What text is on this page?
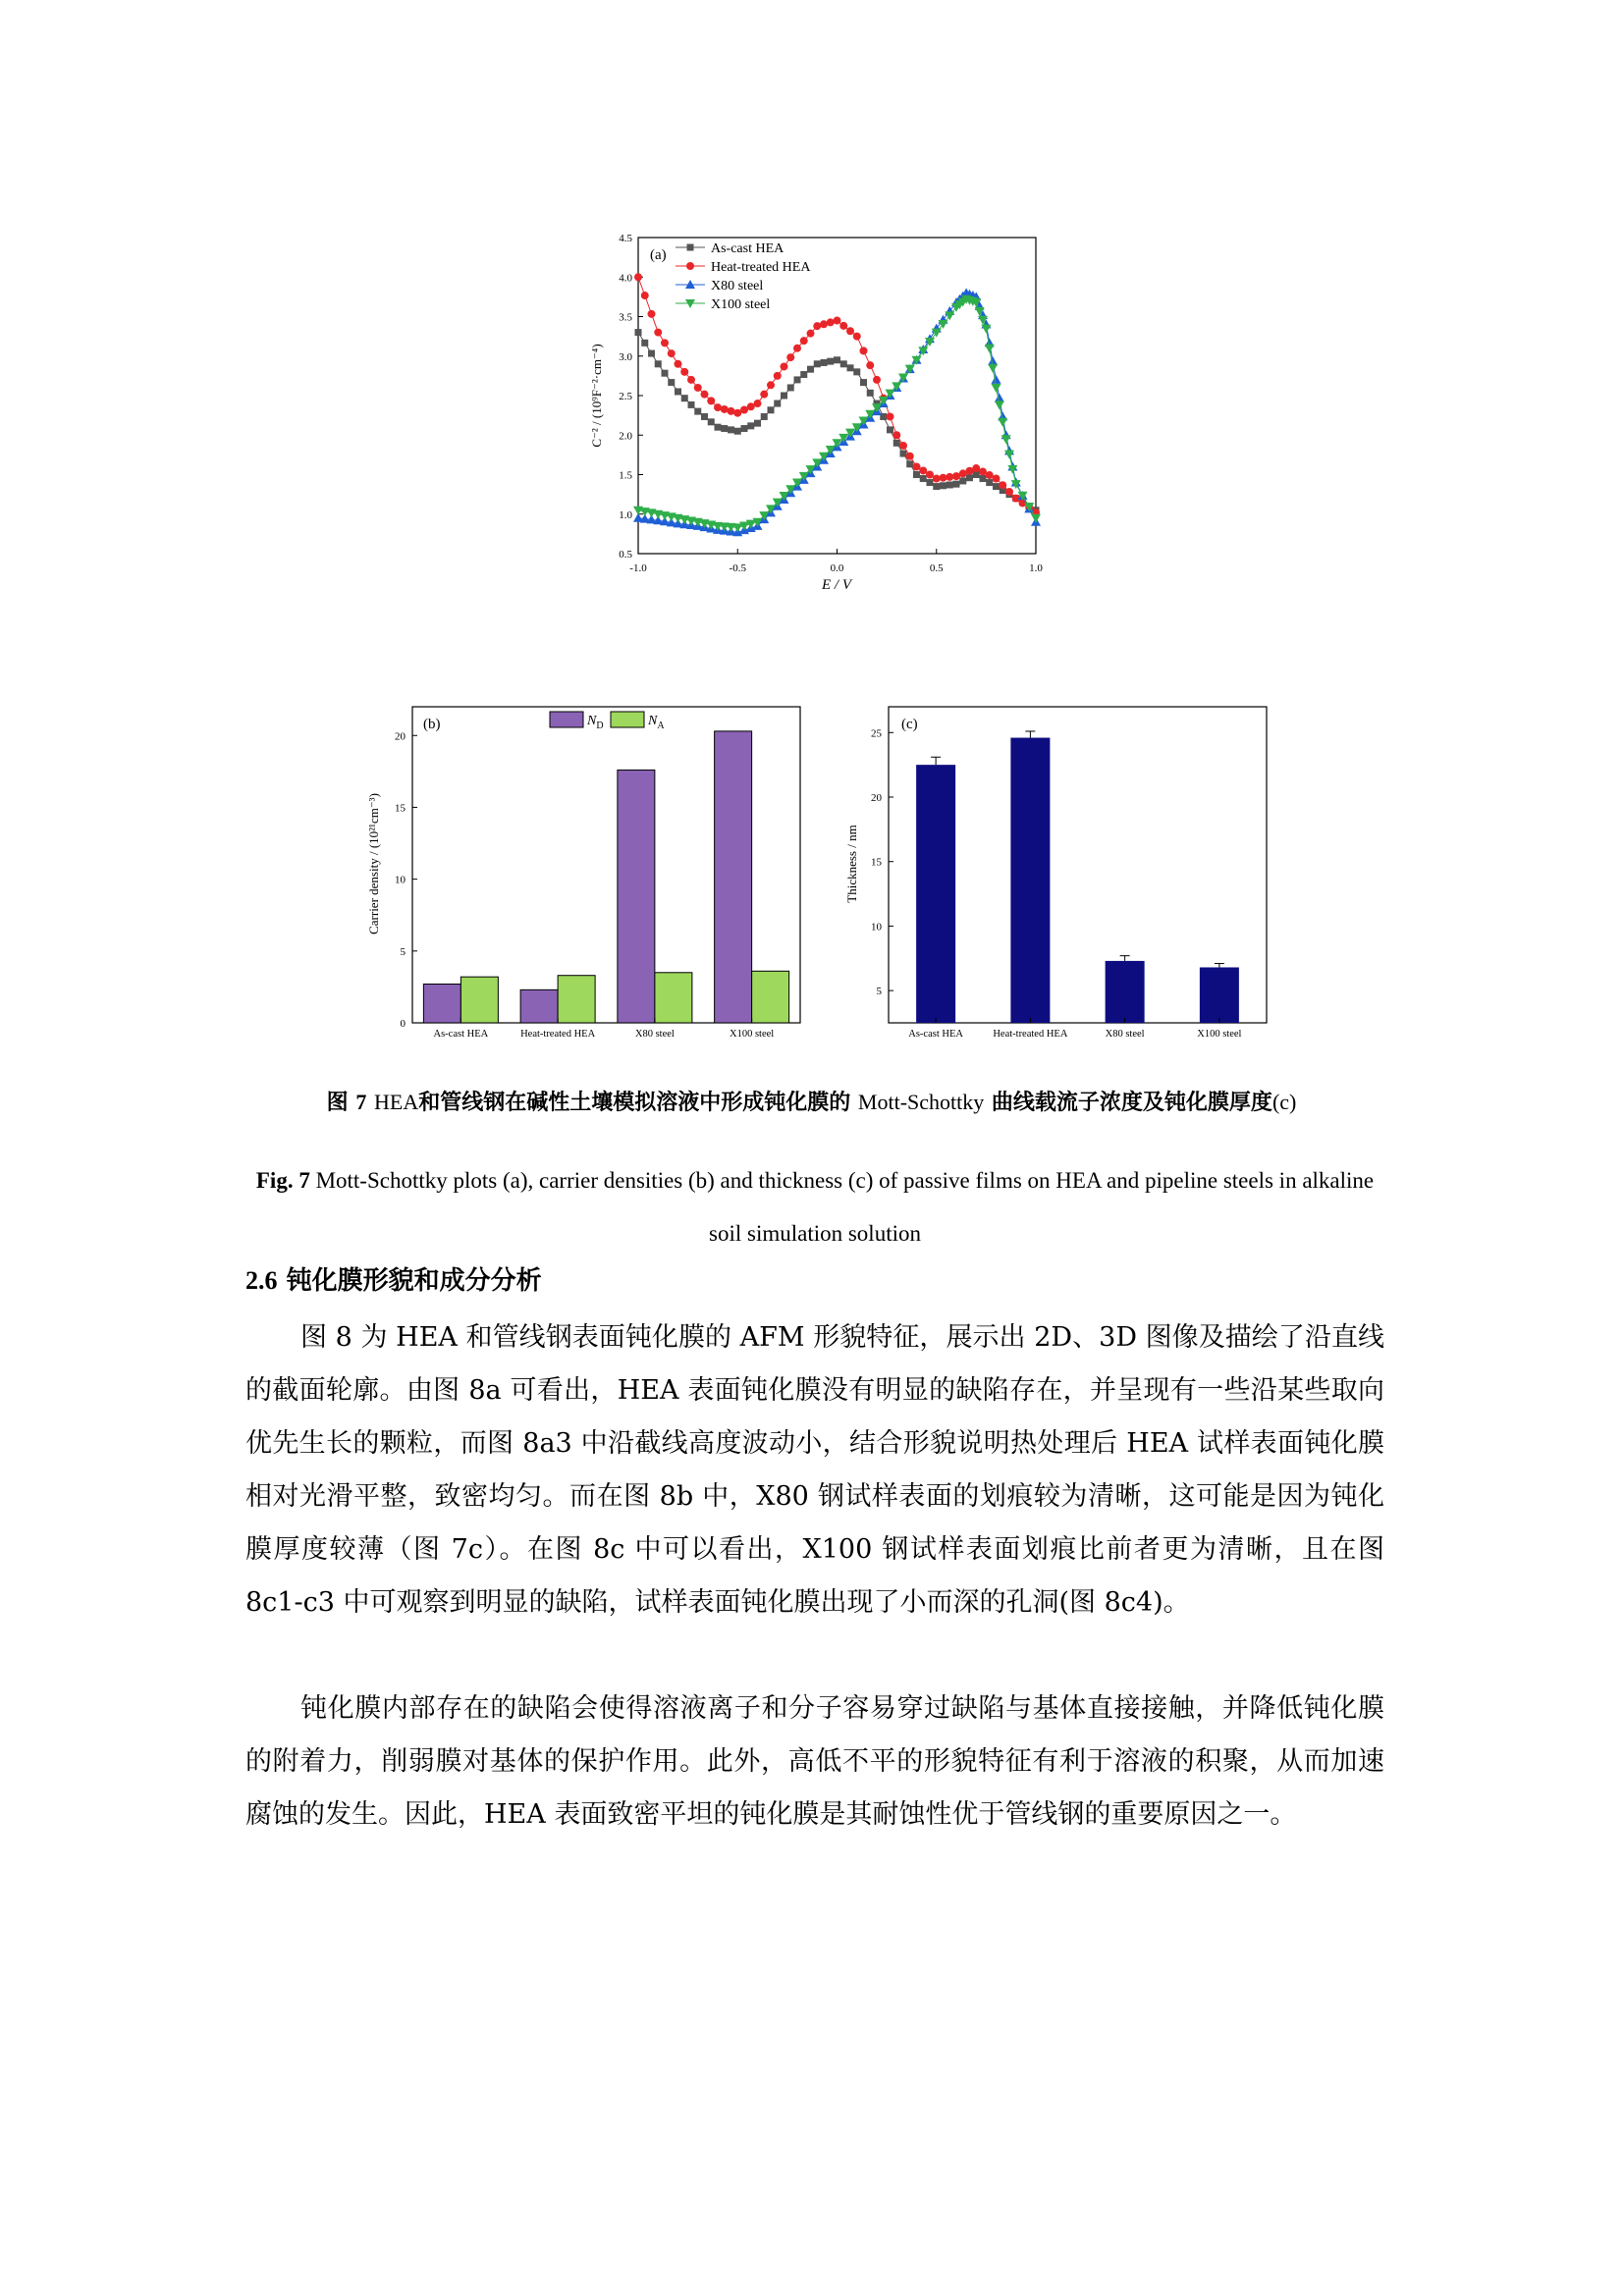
0.5
1.0
1.5
2.0
2.5
3.0
3.5
4.0
4.5
-1.0	-0.5	0.0	0.5	1.0
(a)	As-cast HEA
Heat-treated HEA
X80 steel
X100 steel
E / V
C⁻² / (10⁹F⁻²·cm⁻⁴)
0
5
10
15
20
As-cast HEA	Heat-treated HEA	X80 steel	X100 steel
(b)	$N_D$	$N_A$
Carrier density / (10²¹cm⁻³)
5
10
15
20
25
As-cast HEA	Heat-treated HEA	X80 steel	X100 steel
(c)
Thickness / nm
图 7 HEA和管线钢在碱性土壤模拟溶液中形成钝化膜的 Mott-Schottky 曲线载流子浓度及钝化膜厚度(c)
Fig. 7 Mott-Schottky plots (a), carrier densities (b) and thickness (c) of passive films on HEA and pipeline steels in alkaline soil simulation solution
2.6 钝化膜形貌和成分分析

图 8 为 HEA 和管线钢表面钝化膜的 AFM 形貌特征，展示出 2D、3D 图像及描绘了沿直线的截面轮廓。由图 8a 可看出，HEA 表面钝化膜没有明显的缺陷存在，并呈现有一些沿某些取向优先生长的颗粒，而图 8a3 中沿截线高度波动小，结合形貌说明热处理后 HEA 试样表面钝化膜相对光滑平整，致密均匀。而在图 8b 中，X80 钢试样表面的划痕较为清晰，这可能是因为钝化膜厚度较薄（图 7c）。在图 8c 中可以看出，X100 钢试样表面划痕比前者更为清晰，且在图 8c1-c3 中可观察到明显的缺陷，试样表面钝化膜出现了小而深的孔洞(图 8c4)。

钝化膜内部存在的缺陷会使得溶液离子和分子容易穿过缺陷与基体直接接触，并降低钝化膜的附着力，削弱膜对基体的保护作用。此外，高低不平的形貌特征有利于溶液的积聚，从而加速腐蚀的发生。因此，HEA 表面致密平坦的钝化膜是其耐蚀性优于管线钢的重要原因之一。
